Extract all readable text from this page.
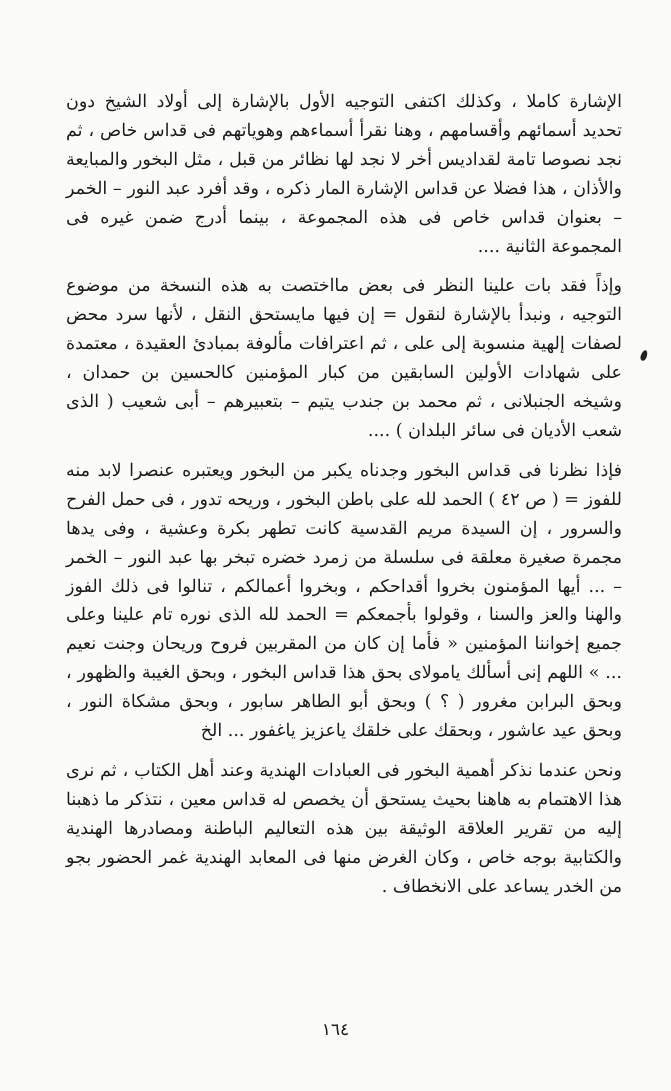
الإشارة كاملا ، وكذلك اكتفى التوجيه الأول بالإشارة إلى أولاد الشيخ دون تحديد أسمائهم وأقسامهم ، وهنا نقرأ أسماءهم وهوياتهم فى قداس خاص ، ثم نجد نصوصا تامة لقداديس أخر لا نجد لها نظائر من قبل ، مثل البخور والمبايعة والأذان ، هذا فضلا عن قداس الإشارة المار ذكره ، وقد أفرد عبد النور – الخمر – بعنوان قداس خاص فى هذه المجموعة ، بينما أدرج ضمن غيره فى المجموعة الثانية ....

وإذاً فقد بات علينا النظر فى بعض مااختصت به هذه النسخة من موضوع التوجيه ، ونبدأ بالإشارة لنقول = إن فيها مايستحق النقل ، لأنها سرد محض لصفات إلهية منسوبة إلى على ، ثم اعترافات مألوفة بمبادئ العقيدة ، معتمدة على شهادات الأولين السابقين من كبار المؤمنين كالحسين بن حمدان ، وشيخه الجنبلانى ، ثم محمد بن جندب يتيم – بتعبيرهم – أبى شعيب ( الذى شعب الأديان فى سائر البلدان ) ....

فإذا نظرنا فى قداس البخور وجدناه يكبر من البخور ويعتبره عنصرا لابد منه للفوز = ( ص ٤٢ ) الحمد لله على باطن البخور ، وريحه تدور ، فى حمل الفرح والسرور ، إن السيدة مريم القدسية كانت تطهر بكرة وعشية ، وفى يدها مجمرة صغيرة معلقة فى سلسلة من زمرد خضره تبخر بها عبد النور – الخمر – ... أيها المؤمنون بخروا أقداحكم ، وبخروا أعمالكم ، تنالوا فى ذلك الفوز والهنا والعز والسنا ، وقولوا بأجمعكم = الحمد لله الذى نوره تام علينا وعلى جميع إخواننا المؤمنين « فأما إن كان من المقربين فروح وريحان وجنت نعيم ... » اللهم إنى أسألك يامولاى بحق هذا قداس البخور ، وبحق الغيبة والظهور ، وبحق البرابن مغرور ( ؟ ) وبحق أبو الطاهر سابور ، وبحق مشكاة النور ، وبحق عيد عاشور ، وبحقك على خلقك ياعزيز ياغفور ... الخ

ونحن عندما نذكر أهمية البخور فى العبادات الهندية وعند أهل الكتاب ، ثم نرى هذا الاهتمام به هاهنا بحيث يستحق أن يخصص له قداس معين ، نتذكر ما ذهبنا إليه من تقرير العلاقة الوثيقة بين هذه التعاليم الباطنة ومصادرها الهندية والكتابية بوجه خاص ، وكان الغرض منها فى المعابد الهندية غمر الحضور بجو من الخدر يساعد على الانخطاف .

١٦٤
